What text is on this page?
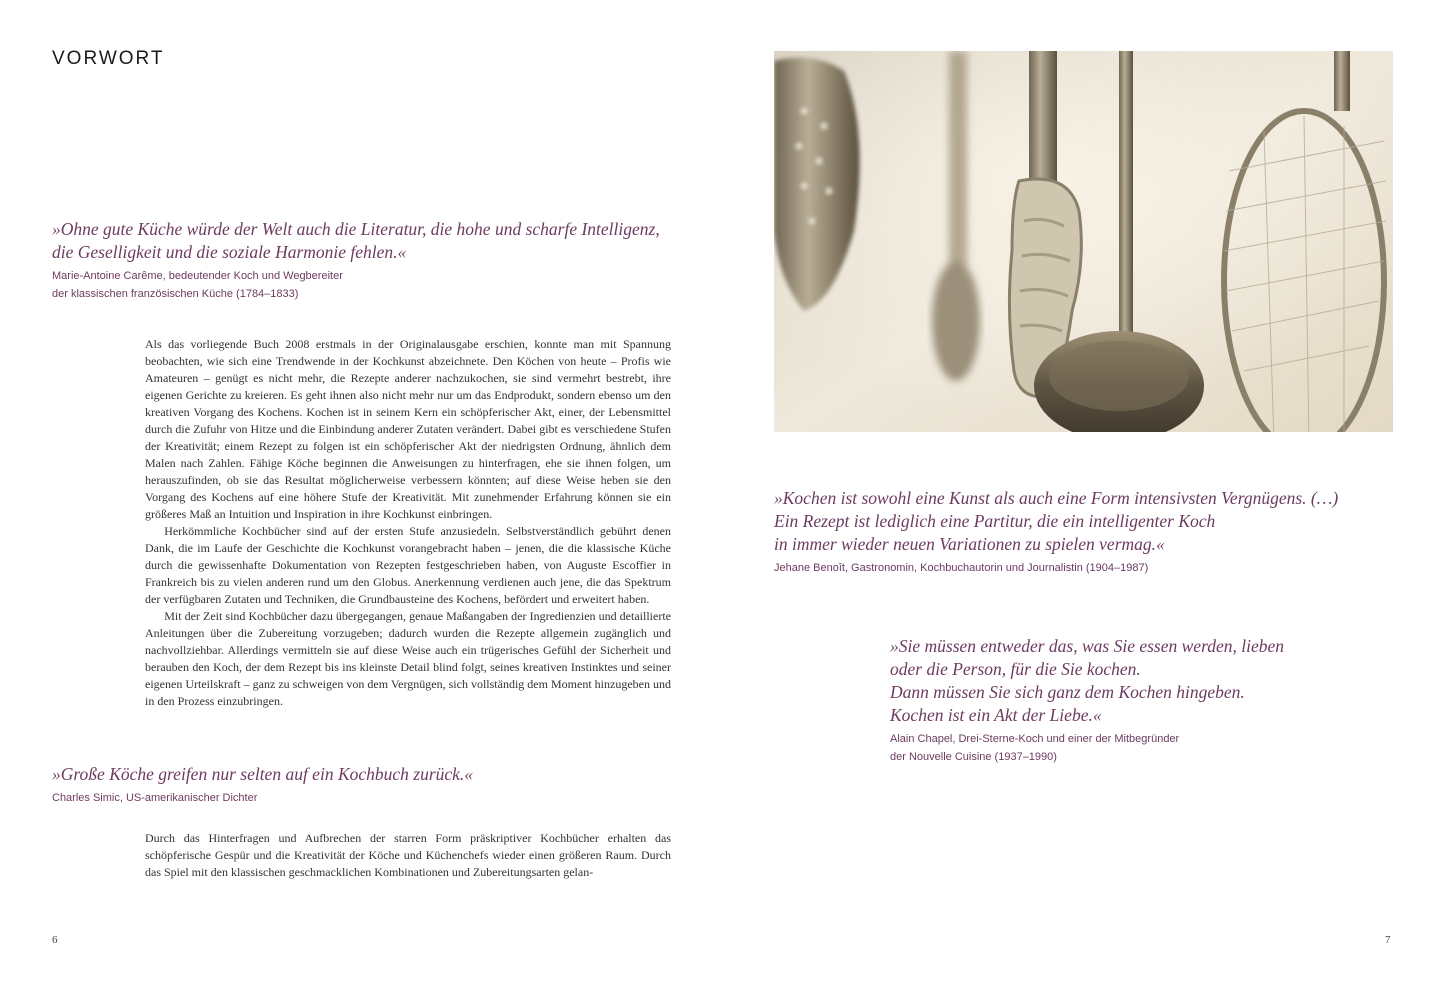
VORWORT

»Ohne gute Küche würde der Welt auch die Literatur, die hohe und scharfe Intelligenz,
die Geselligkeit und die soziale Harmonie fehlen.«

Marie-Antoine Carême, bedeutender Koch und Wegbereiter
der klassischen französischen Küche (1784–1833)

Als das vorliegende Buch 2008 erstmals in der Originalausgabe erschien, konnte man mit Spannung beobachten, wie sich eine Trendwende in der Kochkunst abzeichnete. Den Köchen von heute – Profis wie Amateuren – genügt es nicht mehr, die Rezepte anderer nachzukochen, sie sind vermehrt bestrebt, ihre eigenen Gerichte zu kreieren. Es geht ihnen also nicht mehr nur um das Endprodukt, sondern ebenso um den kreativen Vorgang des Kochens. Kochen ist in seinem Kern ein schöpferischer Akt, einer, der Lebensmittel durch die Zufuhr von Hitze und die Einbindung anderer Zutaten verändert. Dabei gibt es verschiedene Stufen der Kreativität; einem Rezept zu folgen ist ein schöpferischer Akt der niedrigsten Ordnung, ähnlich dem Malen nach Zahlen. Fähige Köche beginnen die Anweisungen zu hinterfragen, ehe sie ihnen folgen, um herauszufinden, ob sie das Resultat möglicherweise verbessern könnten; auf diese Weise heben sie den Vorgang des Kochens auf eine höhere Stufe der Kreativität. Mit zunehmender Erfahrung können sie ein größeres Maß an Intuition und Inspiration in ihre Kochkunst einbringen.

Herkömmliche Kochbücher sind auf der ersten Stufe anzusiedeln. Selbstverständlich gebührt denen Dank, die im Laufe der Geschichte die Kochkunst vorangebracht haben – jenen, die die klassische Küche durch die gewissenhafte Dokumentation von Rezepten festgeschrieben haben, von Auguste Escoffier in Frankreich bis zu vielen anderen rund um den Globus. Anerkennung verdienen auch jene, die das Spektrum der verfügbaren Zutaten und Techniken, die Grundbausteine des Kochens, befördert und erweitert haben.

Mit der Zeit sind Kochbücher dazu übergegangen, genaue Maßangaben der Ingredienzien und detaillierte Anleitungen über die Zubereitung vorzugeben; dadurch wurden die Rezepte allgemein zugänglich und nachvollziehbar. Allerdings vermitteln sie auf diese Weise auch ein trügerisches Gefühl der Sicherheit und berauben den Koch, der dem Rezept bis ins kleinste Detail blind folgt, seines kreativen Instinktes und seiner eigenen Urteilskraft – ganz zu schweigen von dem Vergnügen, sich vollständig dem Moment hinzugeben und in den Prozess einzubringen.

»Große Köche greifen nur selten auf ein Kochbuch zurück.«

Charles Simic, US-amerikanischer Dichter

Durch das Hinterfragen und Aufbrechen der starren Form präskriptiver Kochbücher erhalten das schöpferische Gespür und die Kreativität der Köche und Küchenchefs wieder einen größeren Raum. Durch das Spiel mit den klassischen geschmacklichen Kombinationen und Zubereitungsarten gelan-

6

»Kochen ist sowohl eine Kunst als auch eine Form intensivsten Vergnügens. (…)
Ein Rezept ist lediglich eine Partitur, die ein intelligenter Koch
in immer wieder neuen Variationen zu spielen vermag.«

Jehane Benoît, Gastronomin, Kochbuchautorin und Journalistin (1904–1987)

»Sie müssen entweder das, was Sie essen werden, lieben
oder die Person, für die Sie kochen.
Dann müssen Sie sich ganz dem Kochen hingeben.
Kochen ist ein Akt der Liebe.«

Alain Chapel, Drei-Sterne-Koch und einer der Mitbegründer
der Nouvelle Cuisine (1937–1990)

7
